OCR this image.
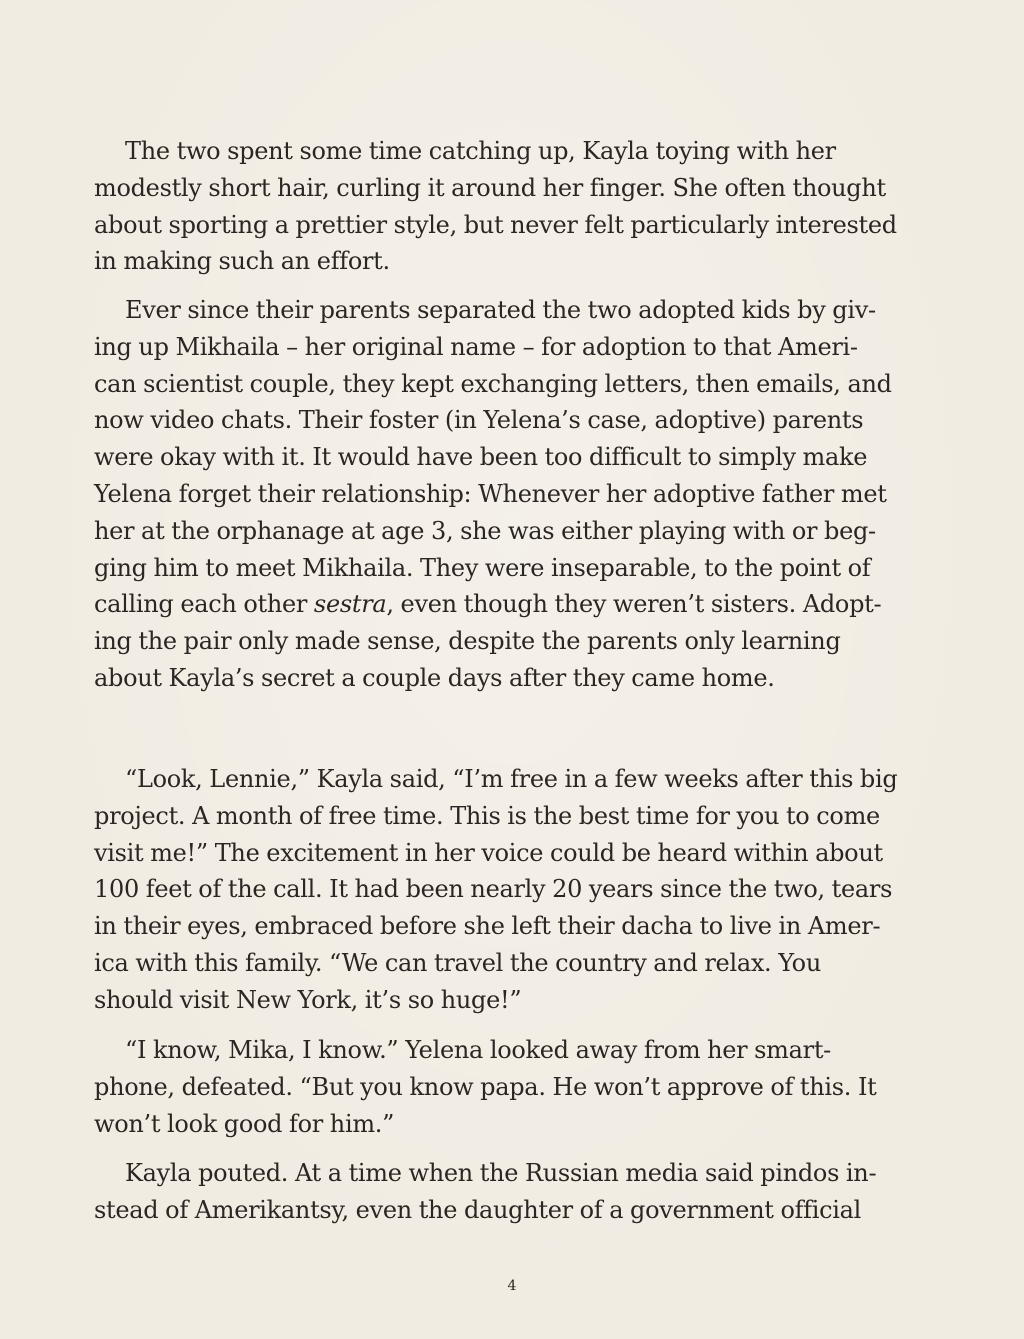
The two spent some time catching up, Kayla toying with her
modestly short hair, curling it around her finger. She often thought
about sporting a prettier style, but never felt particularly interested
in making such an effort.

Ever since their parents separated the two adopted kids by giv-
ing up Mikhaila – her original name – for adoption to that Ameri-
can scientist couple, they kept exchanging letters, then emails, and
now video chats. Their foster (in Yelena’s case, adoptive) parents
were okay with it. It would have been too difficult to simply make
Yelena forget their relationship: Whenever her adoptive father met
her at the orphanage at age 3, she was either playing with or beg-
ging him to meet Mikhaila. They were inseparable, to the point of
calling each other sestra, even though they weren’t sisters. Adopt-
ing the pair only made sense, despite the parents only learning
about Kayla’s secret a couple days after they came home.

“Look, Lennie,” Kayla said, “I’m free in a few weeks after this big
project. A month of free time. This is the best time for you to come
visit me!” The excitement in her voice could be heard within about
100 feet of the call. It had been nearly 20 years since the two, tears
in their eyes, embraced before she left their dacha to live in Amer-
ica with this family. “We can travel the country and relax. You
should visit New York, it’s so huge!”

“I know, Mika, I know.” Yelena looked away from her smart-
phone, defeated. “But you know papa. He won’t approve of this. It
won’t look good for him.”

Kayla pouted. At a time when the Russian media said pindos in-
stead of Amerikantsy, even the daughter of a government official

4
